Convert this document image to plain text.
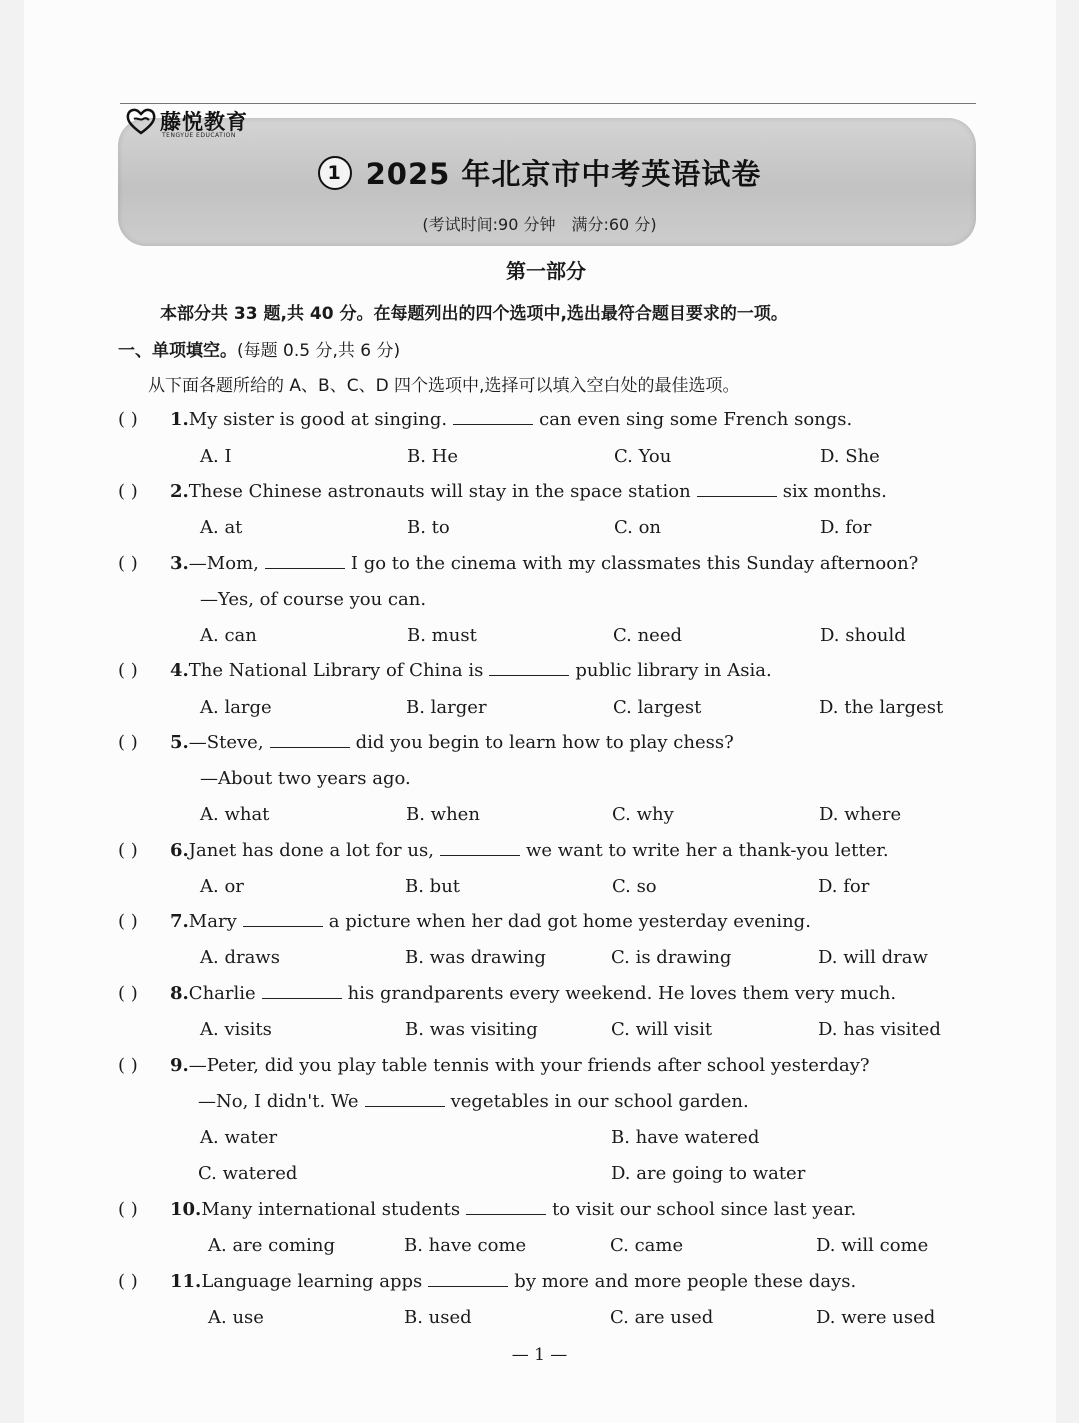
藤悦教育
TENGYUE EDUCATION
1 2025 年北京市中考英语试卷
(考试时间:90 分钟　满分:60 分)
第一部分
本部分共 33 题,共 40 分。在每题列出的四个选项中,选出最符合题目要求的一项。
一、单项填空。(每题 0.5 分,共 6 分)
从下面各题所给的 A、B、C、D 四个选项中,选择可以填入空白处的最佳选项。
( ) 1.My sister is good at singing.	can even sing some French songs.
A. I	B. He	C. You	D. She
( ) 2.These Chinese astronauts will stay in the space station	six months.
A. at	B. to	C. on	D. for
( ) 3.—Mom,	I go to the cinema with my classmates this Sunday afternoon?
—Yes, of course you can.
A. can	B. must	C. need	D. should
( ) 4.The National Library of China is	public library in Asia.
A. large	B. larger	C. largest	D. the largest
( ) 5.—Steve,	did you begin to learn how to play chess?
—About two years ago.
A. what	B. when	C. why	D. where
( ) 6.Janet has done a lot for us,	we want to write her a thank-you letter.
A. or	B. but	C. so	D. for
( ) 7.Mary	a picture when her dad got home yesterday evening.
A. draws	B. was drawing	C. is drawing	D. will draw
( ) 8.Charlie	his grandparents every weekend. He loves them very much.
A. visits	B. was visiting	C. will visit	D. has visited
( ) 9.—Peter, did you play table tennis with your friends after school yesterday?
—No, I didn't. We	vegetables in our school garden.
A. water	B. have watered
C. watered	D. are going to water
( ) 10.Many international students	to visit our school since last year.
A. are coming	B. have come	C. came	D. will come
( ) 11.Language learning apps	by more and more people these days.
A. use	B. used	C. are used	D. were used
— 1 —
